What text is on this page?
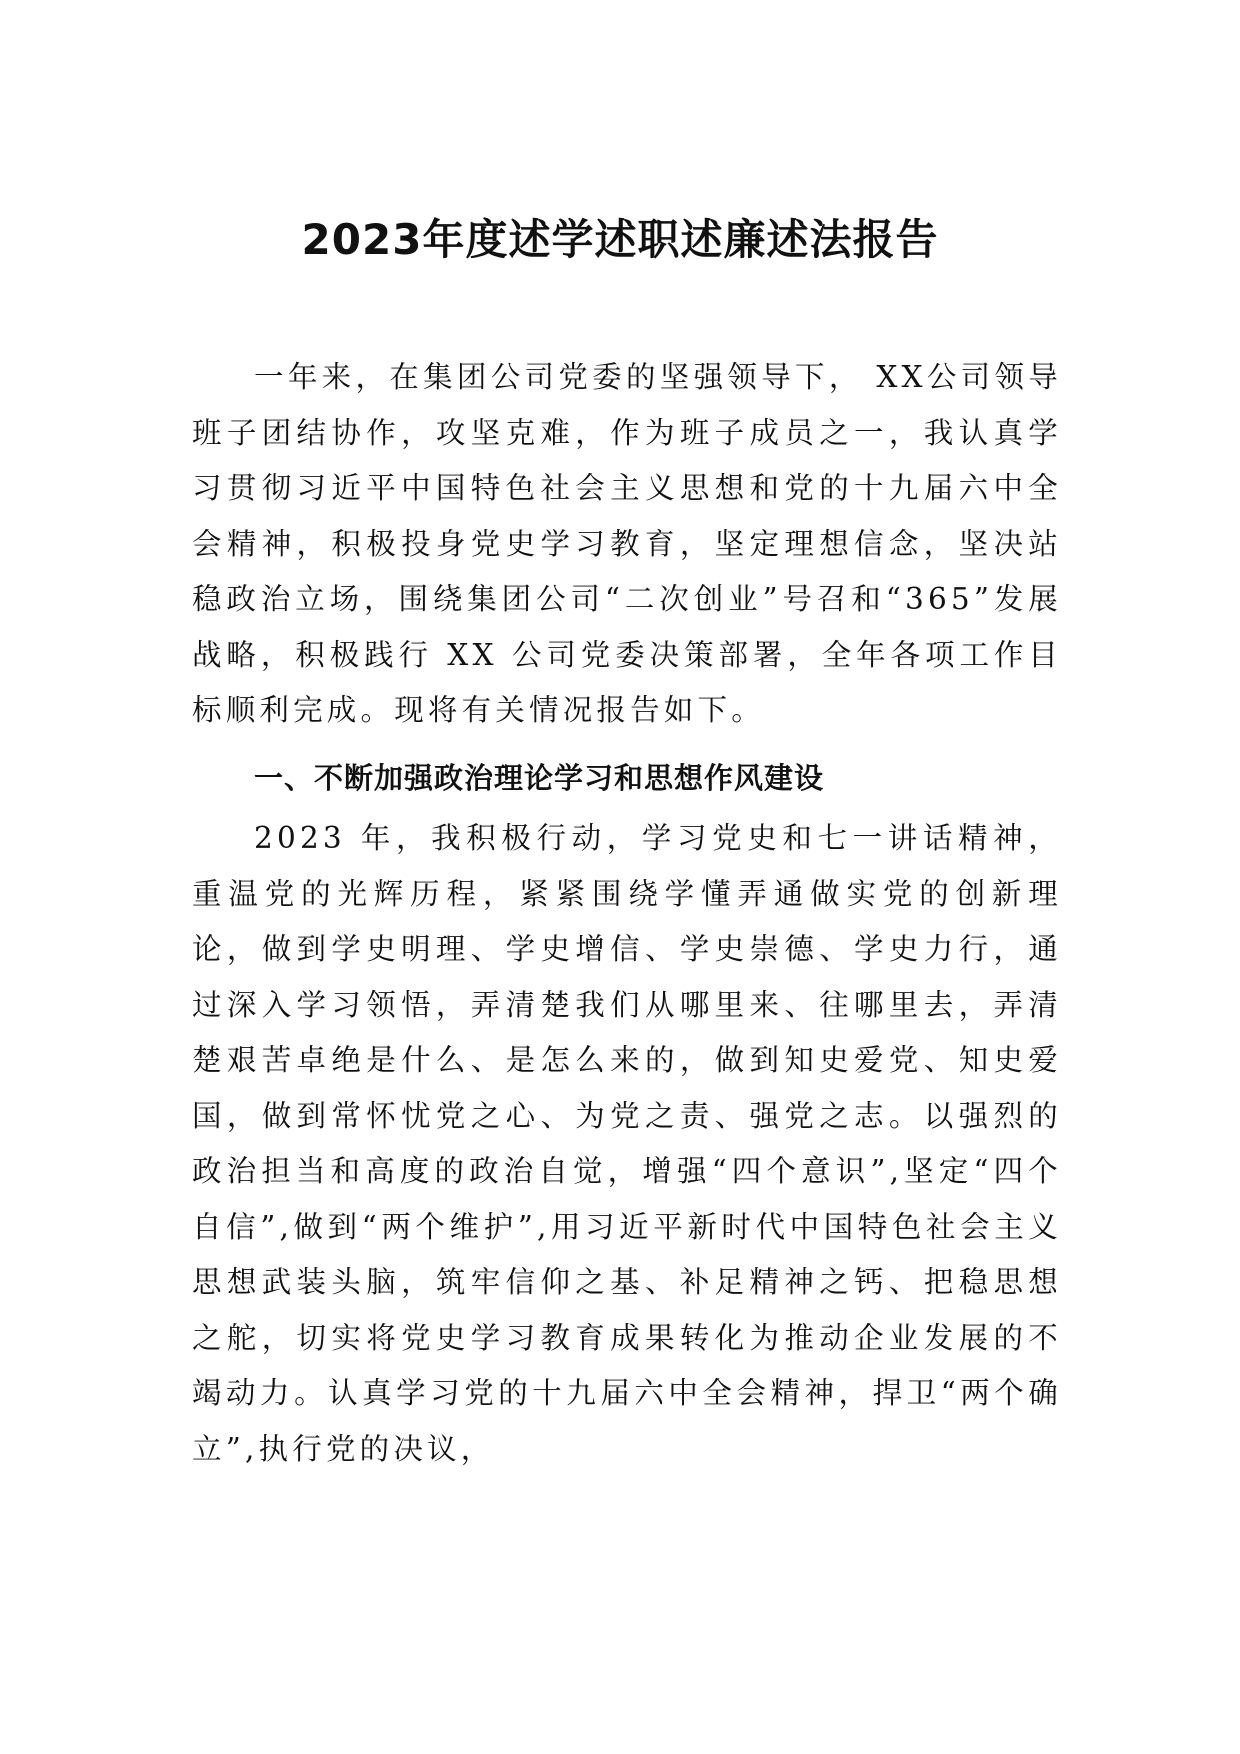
2023年度述学述职述廉述法报告

一年来，在集团公司党委的坚强领导下， XX公司领导班子团结协作，攻坚克难，作为班子成员之一，我认真学习贯彻习近平中国特色社会主义思想和党的十九届六中全会精神，积极投身党史学习教育，坚定理想信念，坚决站稳政治立场，围绕集团公司“二次创业”号召和“365”发展战略，积极践行 XX 公司党委决策部署，全年各项工作目标顺利完成。现将有关情况报告如下。

一、不断加强政治理论学习和思想作风建设

2023 年，我积极行动，学习党史和七一讲话精神，重温党的光辉历程，紧紧围绕学懂弄通做实党的创新理论，做到学史明理、学史增信、学史崇德、学史力行，通过深入学习领悟，弄清楚我们从哪里来、往哪里去，弄清楚艰苦卓绝是什么、是怎么来的，做到知史爱党、知史爱国，做到常怀忧党之心、为党之责、强党之志。以强烈的政治担当和高度的政治自觉，增强“四个意识”,坚定“四个自信”,做到“两个维护”,用习近平新时代中国特色社会主义思想武装头脑，筑牢信仰之基、补足精神之钙、把稳思想之舵，切实将党史学习教育成果转化为推动企业发展的不竭动力。认真学习党的十九届六中全会精神，捍卫“两个确立”,执行党的决议，
